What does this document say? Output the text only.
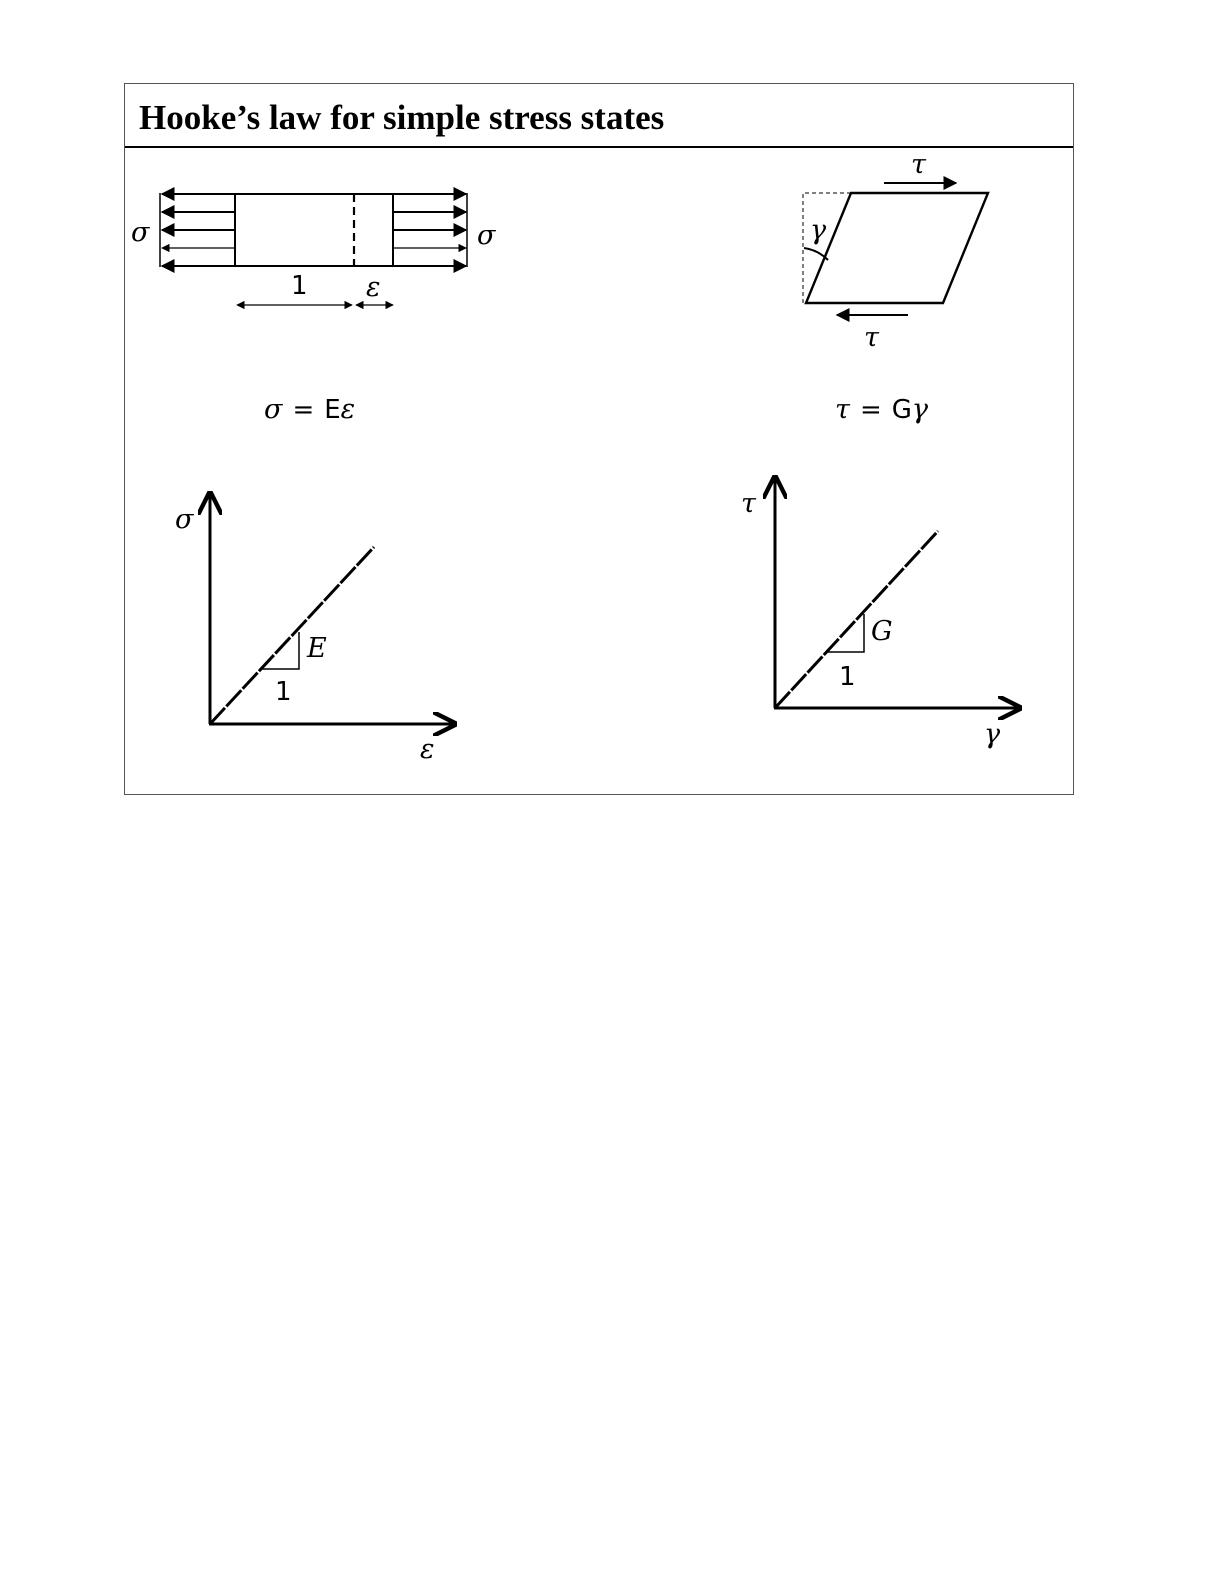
Hooke’s law for simple stress states
σ	σ
1 ε
τ
τ
γ
σ = Eε	τ = Gγ
σ
ε
E
1
τ
γ
G
1
